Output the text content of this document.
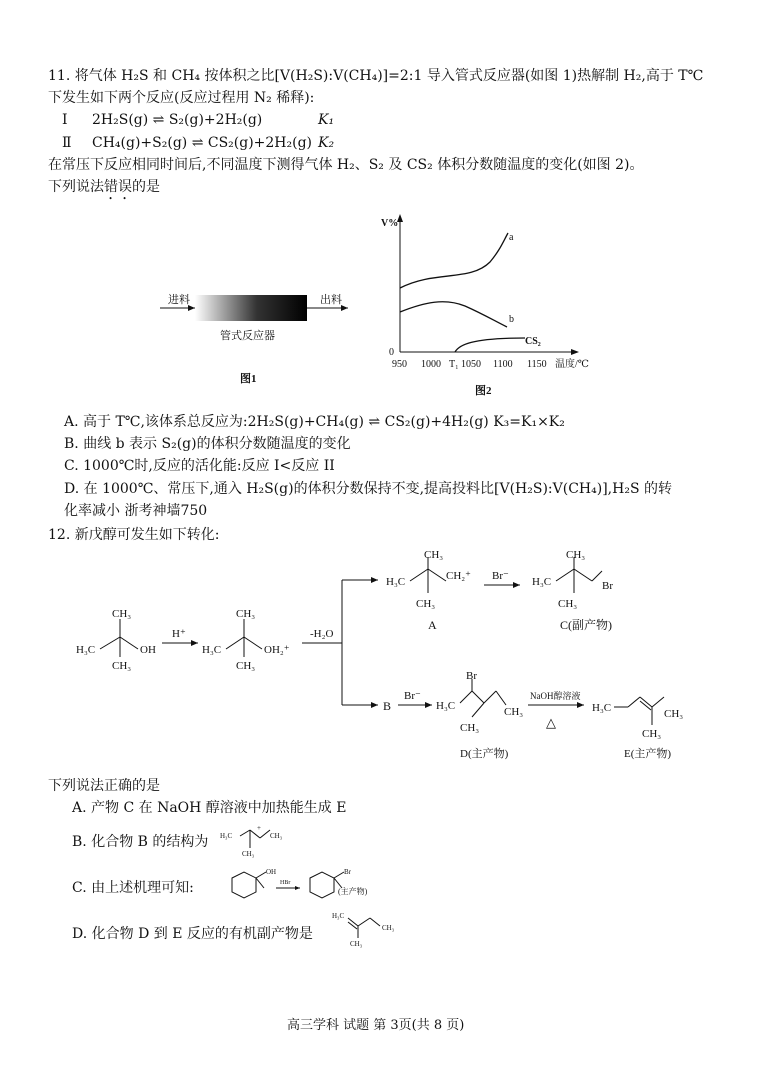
11. 将气体 H₂S 和 CH₄ 按体积之比[V(H₂S):V(CH₄)]=2:1 导入管式反应器(如图 1)热解制 H₂,高于 T℃
下发生如下两个反应(反应过程用 N₂ 稀释):
Ⅰ 2H₂S(g) ⇌ S₂(g)+2H₂(g)	K₁
Ⅱ CH₄(g)+S₂(g) ⇌ CS₂(g)+2H₂(g) K₂
在常压下反应相同时间后,不同温度下测得气体 H₂、S₂ 及 CS₂ 体积分数随温度的变化(如图 2)。
下列说法错误的是
进料	出料
管式反应器
图1
V%
0
950 1000 T₁ 1050 1100 1150 温度/℃
a
b
CS₂
图2
A. 高于 T℃,该体系总反应为:2H₂S(g)+CH₄(g) ⇌ CS₂(g)+4H₂(g) K₃=K₁×K₂
B. 曲线 b 表示 S₂(g)的体积分数随温度的变化
C. 1000℃时,反应的活化能:反应 I<反应 II
D. 在 1000℃、常压下,通入 H₂S(g)的体积分数保持不变,提高投料比[V(H₂S):V(CH₄)],H₂S 的转
化率减小 浙考神墙750
12. 新戊醇可发生如下转化:
H₃C
CH₃
CH₃
OH
H⁺
H₃C
CH₃
CH₃
OH₂⁺
-H₂O
H₃C
CH₃
CH₃
CH₂⁺
A
Br⁻ H₃C
CH₃
CH₃
Br
C(副产物)
B
Br⁻
H₃C
Br
CH₃
CH₃
D(主产物)
NaOH醇溶液
△
H₃C
CH₃
CH₃
E(主产物)
下列说法正确的是
A. 产物 C 在 NaOH 醇溶液中加热能生成 E
B. 化合物 B 的结构为 H₃C
+
CH₃
CH₃
C. 由上述机理可知:
OH
HBr
Br
(主产物)
D. 化合物 D 到 E 反应的有机副产物是
H₃C
CH₃
CH₃
高三学科 试题 第 3页(共 8 页)
